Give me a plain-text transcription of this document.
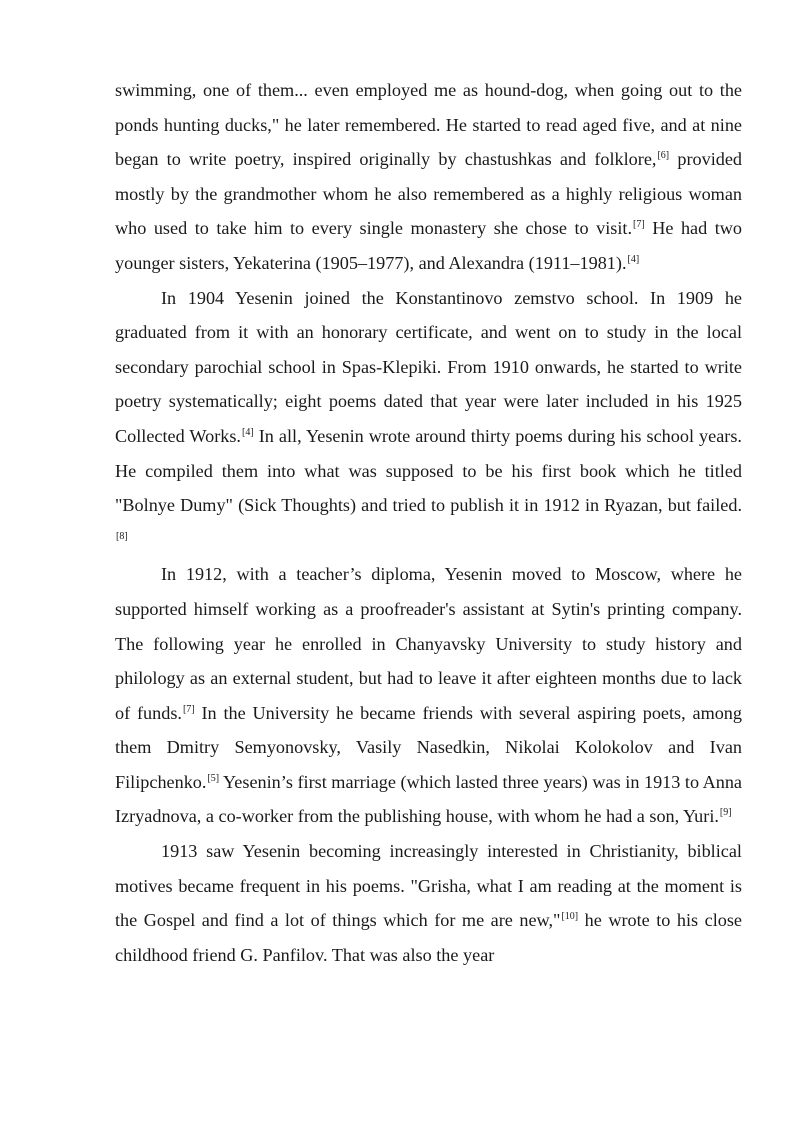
swimming, one of them... even employed me as hound-dog, when going out to the ponds hunting ducks," he later remembered. He started to read aged five, and at nine began to write poetry, inspired originally by chastushkas and folklore,[6] provided mostly by the grandmother whom he also remembered as a highly religious woman who used to take him to every single monastery she chose to visit.[7] He had two younger sisters, Yekaterina (1905–1977), and Alexandra (1911–1981).[4]

In 1904 Yesenin joined the Konstantinovo zemstvo school. In 1909 he graduated from it with an honorary certificate, and went on to study in the local secondary parochial school in Spas-Klepiki. From 1910 onwards, he started to write poetry systematically; eight poems dated that year were later included in his 1925 Collected Works.[4] In all, Yesenin wrote around thirty poems during his school years. He compiled them into what was supposed to be his first book which he titled "Bolnye Dumy" (Sick Thoughts) and tried to publish it in 1912 in Ryazan, but failed.[8]

In 1912, with a teacher’s diploma, Yesenin moved to Moscow, where he supported himself working as a proofreader's assistant at Sytin's printing company. The following year he enrolled in Chanyavsky University to study history and philology as an external student, but had to leave it after eighteen months due to lack of funds.[7] In the University he became friends with several aspiring poets, among them Dmitry Semyonovsky, Vasily Nasedkin, Nikolai Kolokolov and Ivan Filipchenko.[5] Yesenin’s first marriage (which lasted three years) was in 1913 to Anna Izryadnova, a co-worker from the publishing house, with whom he had a son, Yuri.[9]

1913 saw Yesenin becoming increasingly interested in Christianity, biblical motives became frequent in his poems. "Grisha, what I am reading at the moment is the Gospel and find a lot of things which for me are new,"[10] he wrote to his close childhood friend G. Panfilov. That was also the year
